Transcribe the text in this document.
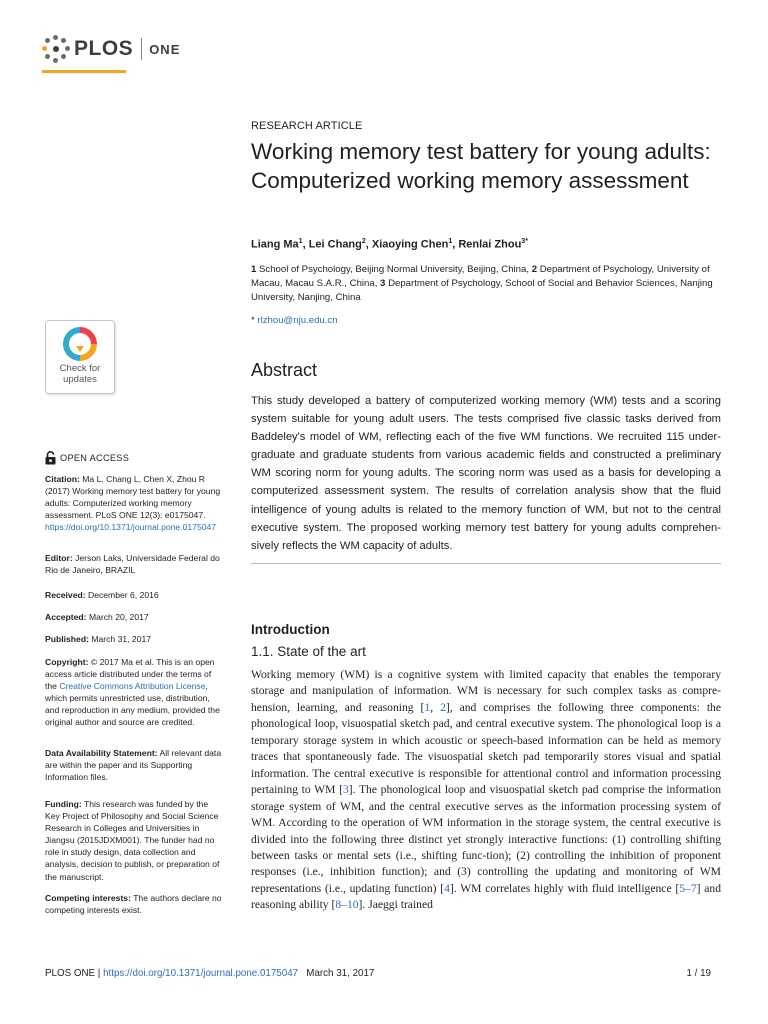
PLOS ONE
RESEARCH ARTICLE
Working memory test battery for young adults: Computerized working memory assessment
Liang Ma$^1$, Lei Chang$^2$, Xiaoying Chen$^1$, Renlai Zhou$^{3*}$
1 School of Psychology, Beijing Normal University, Beijing, China, 2 Department of Psychology, University of Macau, Macau S.A.R., China, 3 Department of Psychology, School of Social and Behavior Sciences, Nanjing University, Nanjing, China
* rlzhou@nju.edu.cn
Abstract

This study developed a battery of computerized working memory (WM) tests and a scoring system suitable for young adult users. The tests comprised five classic tasks derived from Baddeley's model of WM, reflecting each of the five WM functions. We recruited 115 under-graduate and graduate students from various academic fields and constructed a preliminary WM scoring norm for young adults. The scoring norm was used as a basis for developing a computerized assessment system. The results of correlation analysis show that the fluid intelligence of young adults is related to the memory function of WM, but not to the central executive system. The proposed working memory test battery for young adults comprehen-sively reflects the WM capacity of adults.

Introduction
1.1. State of the art

Working memory (WM) is a cognitive system with limited capacity that enables the temporary storage and manipulation of information. WM is necessary for such complex tasks as compre-hension, learning, and reasoning [1, 2], and comprises the following three components: the phonological loop, visuospatial sketch pad, and central executive system. The phonological loop is a temporary storage system in which acoustic or speech-based information can be held as memory traces that spontaneously fade. The visuospatial sketch pad temporarily stores visual and spatial information. The central executive is responsible for attentional control and information processing pertaining to WM [3]. The phonological loop and visuospatial sketch pad comprise the information storage system of WM, and the central executive serves as the information processing system of WM. According to the operation of WM information in the storage system, the central executive is divided into the following three distinct yet strongly interactive functions: (1) controlling shifting between tasks or mental sets (i.e., shifting func-tion); (2) controlling the inhibition of proponent responses (i.e., inhibition function); and (3) controlling the updating and monitoring of WM representations (i.e., updating function) [4]. WM correlates highly with fluid intelligence [5–7] and reasoning ability [8–10]. Jaeggi trained

Check for updates
OPEN ACCESS
Citation: Ma L, Chang L, Chen X, Zhou R (2017) Working memory test battery for young adults: Computerized working memory assessment. PLoS ONE 12(3): e0175047. https://doi.org/10.1371/journal.pone.0175047
Editor: Jerson Laks, Universidade Federal do Rio de Janeiro, BRAZIL
Received: December 6, 2016
Accepted: March 20, 2017
Published: March 31, 2017
Copyright: © 2017 Ma et al. This is an open access article distributed under the terms of the Creative Commons Attribution License, which permits unrestricted use, distribution, and reproduction in any medium, provided the original author and source are credited.
Data Availability Statement: All relevant data are within the paper and its Supporting Information files.
Funding: This research was funded by the Key Project of Philosophy and Social Science Research in Colleges and Universities in Jiangsu (2015JDXM001). The funder had no role in study design, data collection and analysis, decision to publish, or preparation of the manuscript.
Competing interests: The authors declare no competing interests exist.
PLOS ONE | https://doi.org/10.1371/journal.pone.0175047 March 31, 2017	1 / 19
